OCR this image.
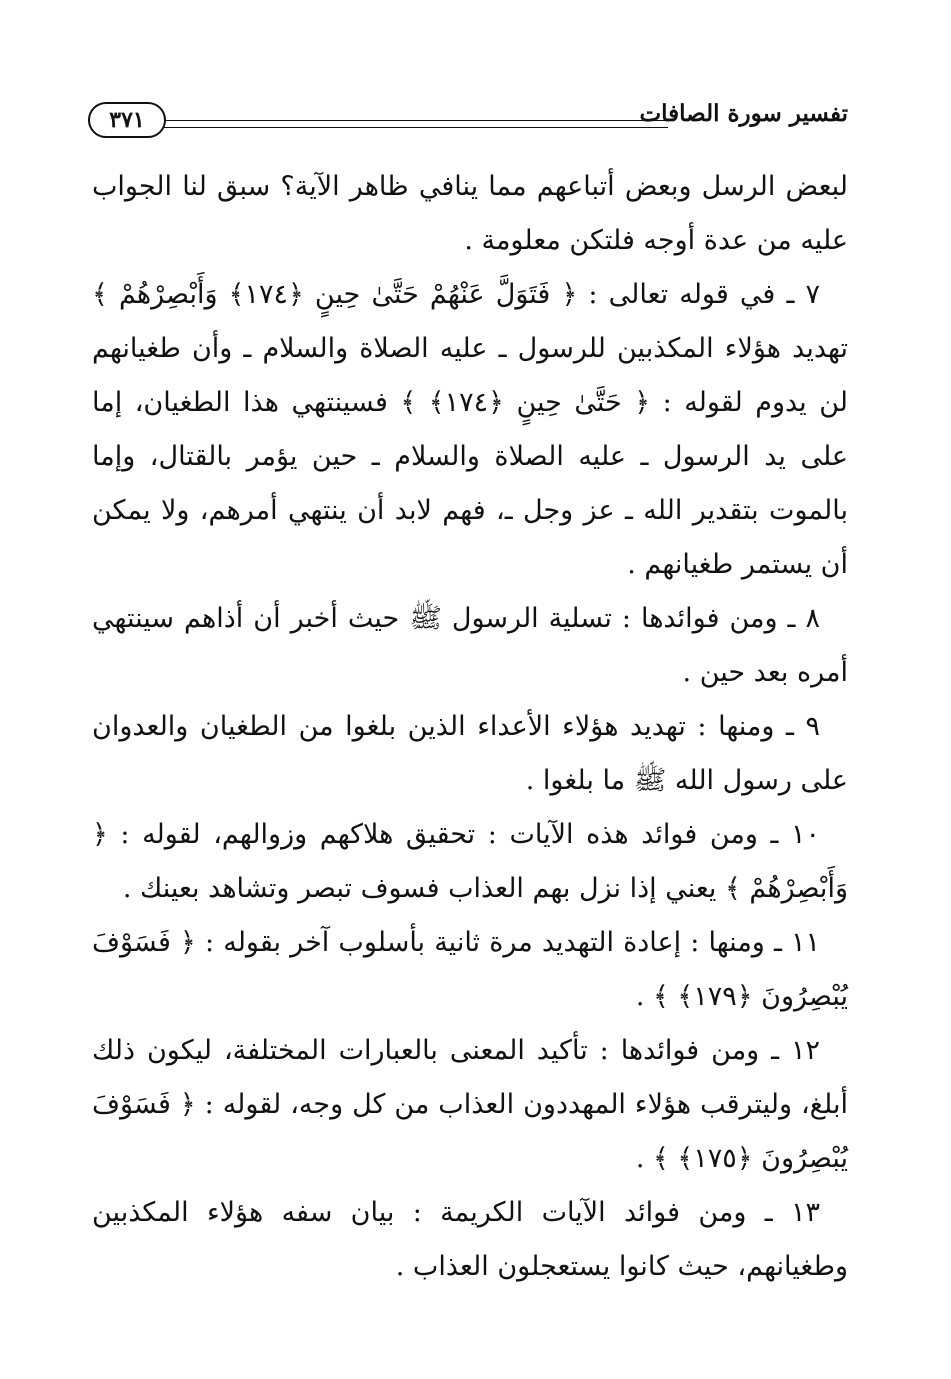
٣٧١	تفسير سورة الصافات

لبعض الرسل وبعض أتباعهم مما ينافي ظاهر الآية؟ سبق لنا الجواب عليه من عدة أوجه فلتكن معلومة .

٧ ـ في قوله تعالى : ﴿ فَتَوَلَّ عَنْهُمْ حَتَّىٰ حِينٍ ﴿١٧٤﴾ وَأَبْصِرْهُمْ ﴾ تهديد هؤلاء المكذبين للرسول ـ عليه الصلاة والسلام ـ وأن طغيانهم لن يدوم لقوله : ﴿ حَتَّىٰ حِينٍ ﴿١٧٤﴾ ﴾ فسينتهي هذا الطغيان، إما على يد الرسول ـ عليه الصلاة والسلام ـ حين يؤمر بالقتال، وإما بالموت بتقدير الله ـ عز وجل ـ، فهم لابد أن ينتهي أمرهم، ولا يمكن أن يستمر طغيانهم .

٨ ـ ومن فوائدها : تسلية الرسول ﷺ حيث أخبر أن أذاهم سينتهي أمره بعد حين .

٩ ـ ومنها : تهديد هؤلاء الأعداء الذين بلغوا من الطغيان والعدوان على رسول الله ﷺ ما بلغوا .

١٠ ـ ومن فوائد هذه الآيات : تحقيق هلاكهم وزوالهم، لقوله : ﴿ وَأَبْصِرْهُمْ ﴾ يعني إذا نزل بهم العذاب فسوف تبصر وتشاهد بعينك .

١١ ـ ومنها : إعادة التهديد مرة ثانية بأسلوب آخر بقوله : ﴿ فَسَوْفَ يُبْصِرُونَ ﴿١٧٩﴾ ﴾ .

١٢ ـ ومن فوائدها : تأكيد المعنى بالعبارات المختلفة، ليكون ذلك أبلغ، وليترقب هؤلاء المهددون العذاب من كل وجه، لقوله : ﴿ فَسَوْفَ يُبْصِرُونَ ﴿١٧٥﴾ ﴾ .

١٣ ـ ومن فوائد الآيات الكريمة : بيان سفه هؤلاء المكذبين وطغيانهم، حيث كانوا يستعجلون العذاب .
